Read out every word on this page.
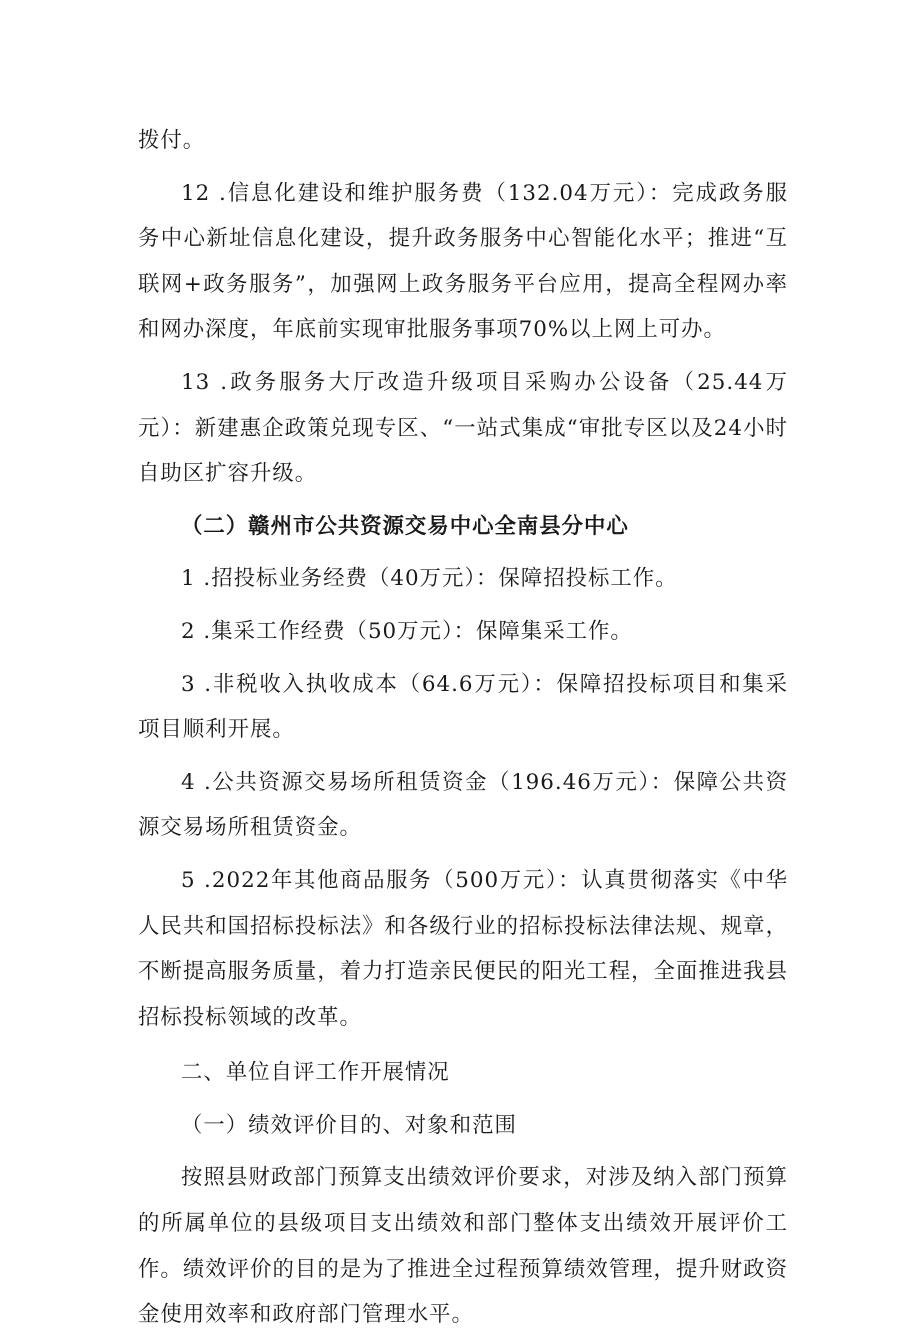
拨付。

12 .信息化建设和维护服务费（132.04万元）：完成政务服务中心新址信息化建设，提升政务服务中心智能化水平；推进“互联网+政务服务”，加强网上政务服务平台应用，提高全程网办率和网办深度，年底前实现审批服务事项70%以上网上可办。

13 .政务服务大厅改造升级项目采购办公设备（25.44万元）：新建惠企政策兑现专区、“一站式集成“审批专区以及24小时自助区扩容升级。

（二）赣州市公共资源交易中心全南县分中心

1 .招投标业务经费（40万元）：保障招投标工作。

2 .集采工作经费（50万元）：保障集采工作。

3 .非税收入执收成本（64.6万元）：保障招投标项目和集采项目顺利开展。

4 .公共资源交易场所租赁资金（196.46万元）：保障公共资源交易场所租赁资金。

5 .2022年其他商品服务（500万元）：认真贯彻落实《中华人民共和国招标投标法》和各级行业的招标投标法律法规、规章，不断提高服务质量，着力打造亲民便民的阳光工程，全面推进我县招标投标领域的改革。

二、单位自评工作开展情况

（一）绩效评价目的、对象和范围

按照县财政部门预算支出绩效评价要求，对涉及纳入部门预算的所属单位的县级项目支出绩效和部门整体支出绩效开展评价工作。绩效评价的目的是为了推进全过程预算绩效管理，提升财政资金使用效率和政府部门管理水平。
